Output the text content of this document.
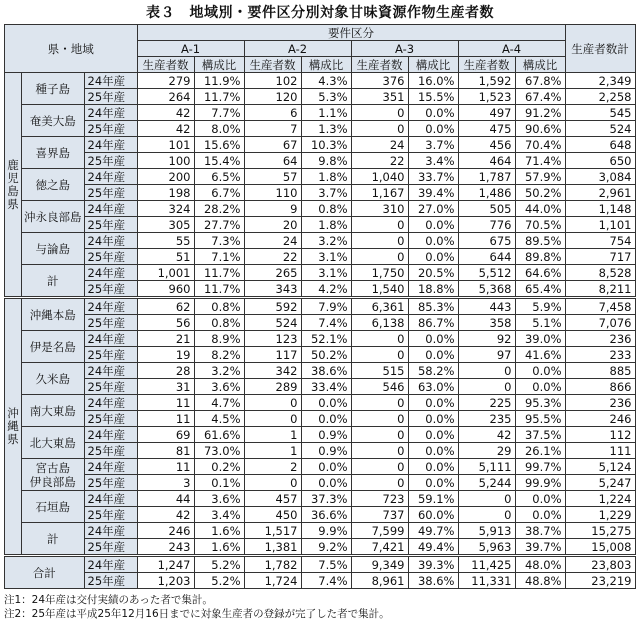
表３　地域別・要件区分別対象甘味資源作物生産者数
県・地域			要件区分								生産者数計
			A-1		A-2		A-3		A-4		
			生産者数	構成比	生産者数	構成比	生産者数	構成比	生産者数	構成比	

鹿
児
島
県	種子島	24年産	279	11.9%	102	4.3%	376	16.0%	1,592	67.8%	2,349
		25年産	264	11.7%	120	5.3%	351	15.5%	1,523	67.4%	2,258

	奄美大島	24年産	42	7.7%	6	1.1%	0	0.0%	497	91.2%	545
		25年産	42	8.0%	7	1.3%	0	0.0%	475	90.6%	524

	喜界島	24年産	101	15.6%	67	10.3%	24	3.7%	456	70.4%	648
		25年産	100	15.4%	64	9.8%	22	3.4%	464	71.4%	650

	徳之島	24年産	200	6.5%	57	1.8%	1,040	33.7%	1,787	57.9%	3,084
		25年産	198	6.7%	110	3.7%	1,167	39.4%	1,486	50.2%	2,961

	沖永良部島	24年産	324	28.2%	9	0.8%	310	27.0%	505	44.0%	1,148
		25年産	305	27.7%	20	1.8%	0	0.0%	776	70.5%	1,101

	与論島	24年産	55	7.3%	24	3.2%	0	0.0%	675	89.5%	754
		25年産	51	7.1%	22	3.1%	0	0.0%	644	89.8%	717

	計	24年産	1,001	11.7%	265	3.1%	1,750	20.5%	5,512	64.6%	8,528
		25年産	960	11.7%	343	4.2%	1,540	18.8%	5,368	65.4%	8,211

沖
縄
県	沖縄本島	24年産	62	0.8%	592	7.9%	6,361	85.3%	443	5.9%	7,458
		25年産	56	0.8%	524	7.4%	6,138	86.7%	358	5.1%	7,076

	伊是名島	24年産	21	8.9%	123	52.1%	0	0.0%	92	39.0%	236
		25年産	19	8.2%	117	50.2%	0	0.0%	97	41.6%	233

	久米島	24年産	28	3.2%	342	38.6%	515	58.2%	0	0.0%	885
		25年産	31	3.6%	289	33.4%	546	63.0%	0	0.0%	866

	南大東島	24年産	11	4.7%	0	0.0%	0	0.0%	225	95.3%	236
		25年産	11	4.5%	0	0.0%	0	0.0%	235	95.5%	246

	北大東島	24年産	69	61.6%	1	0.9%	0	0.0%	42	37.5%	112
		25年産	81	73.0%	1	0.9%	0	0.0%	29	26.1%	111

	宮古島
伊良部島	24年産	11	0.2%	2	0.0%	0	0.0%	5,111	99.7%	5,124
		25年産	3	0.1%	0	0.0%	0	0.0%	5,244	99.9%	5,247

	石垣島	24年産	44	3.6%	457	37.3%	723	59.1%	0	0.0%	1,224
		25年産	42	3.4%	450	36.6%	737	60.0%	0	0.0%	1,229

	計	24年産	246	1.6%	1,517	9.9%	7,599	49.7%	5,913	38.7%	15,275
		25年産	243	1.6%	1,381	9.2%	7,421	49.4%	5,963	39.7%	15,008
合計		24年産	1,247	5.2%	1,782	7.5%	9,349	39.3%	11,425	48.0%	23,803
		25年産	1,203	5.2%	1,724	7.4%	8,961	38.6%	11,331	48.8%	23,219
注1：24年産は交付実績のあった者で集計。
注2：25年産は平成25年12月16日までに対象生産者の登録が完了した者で集計。
